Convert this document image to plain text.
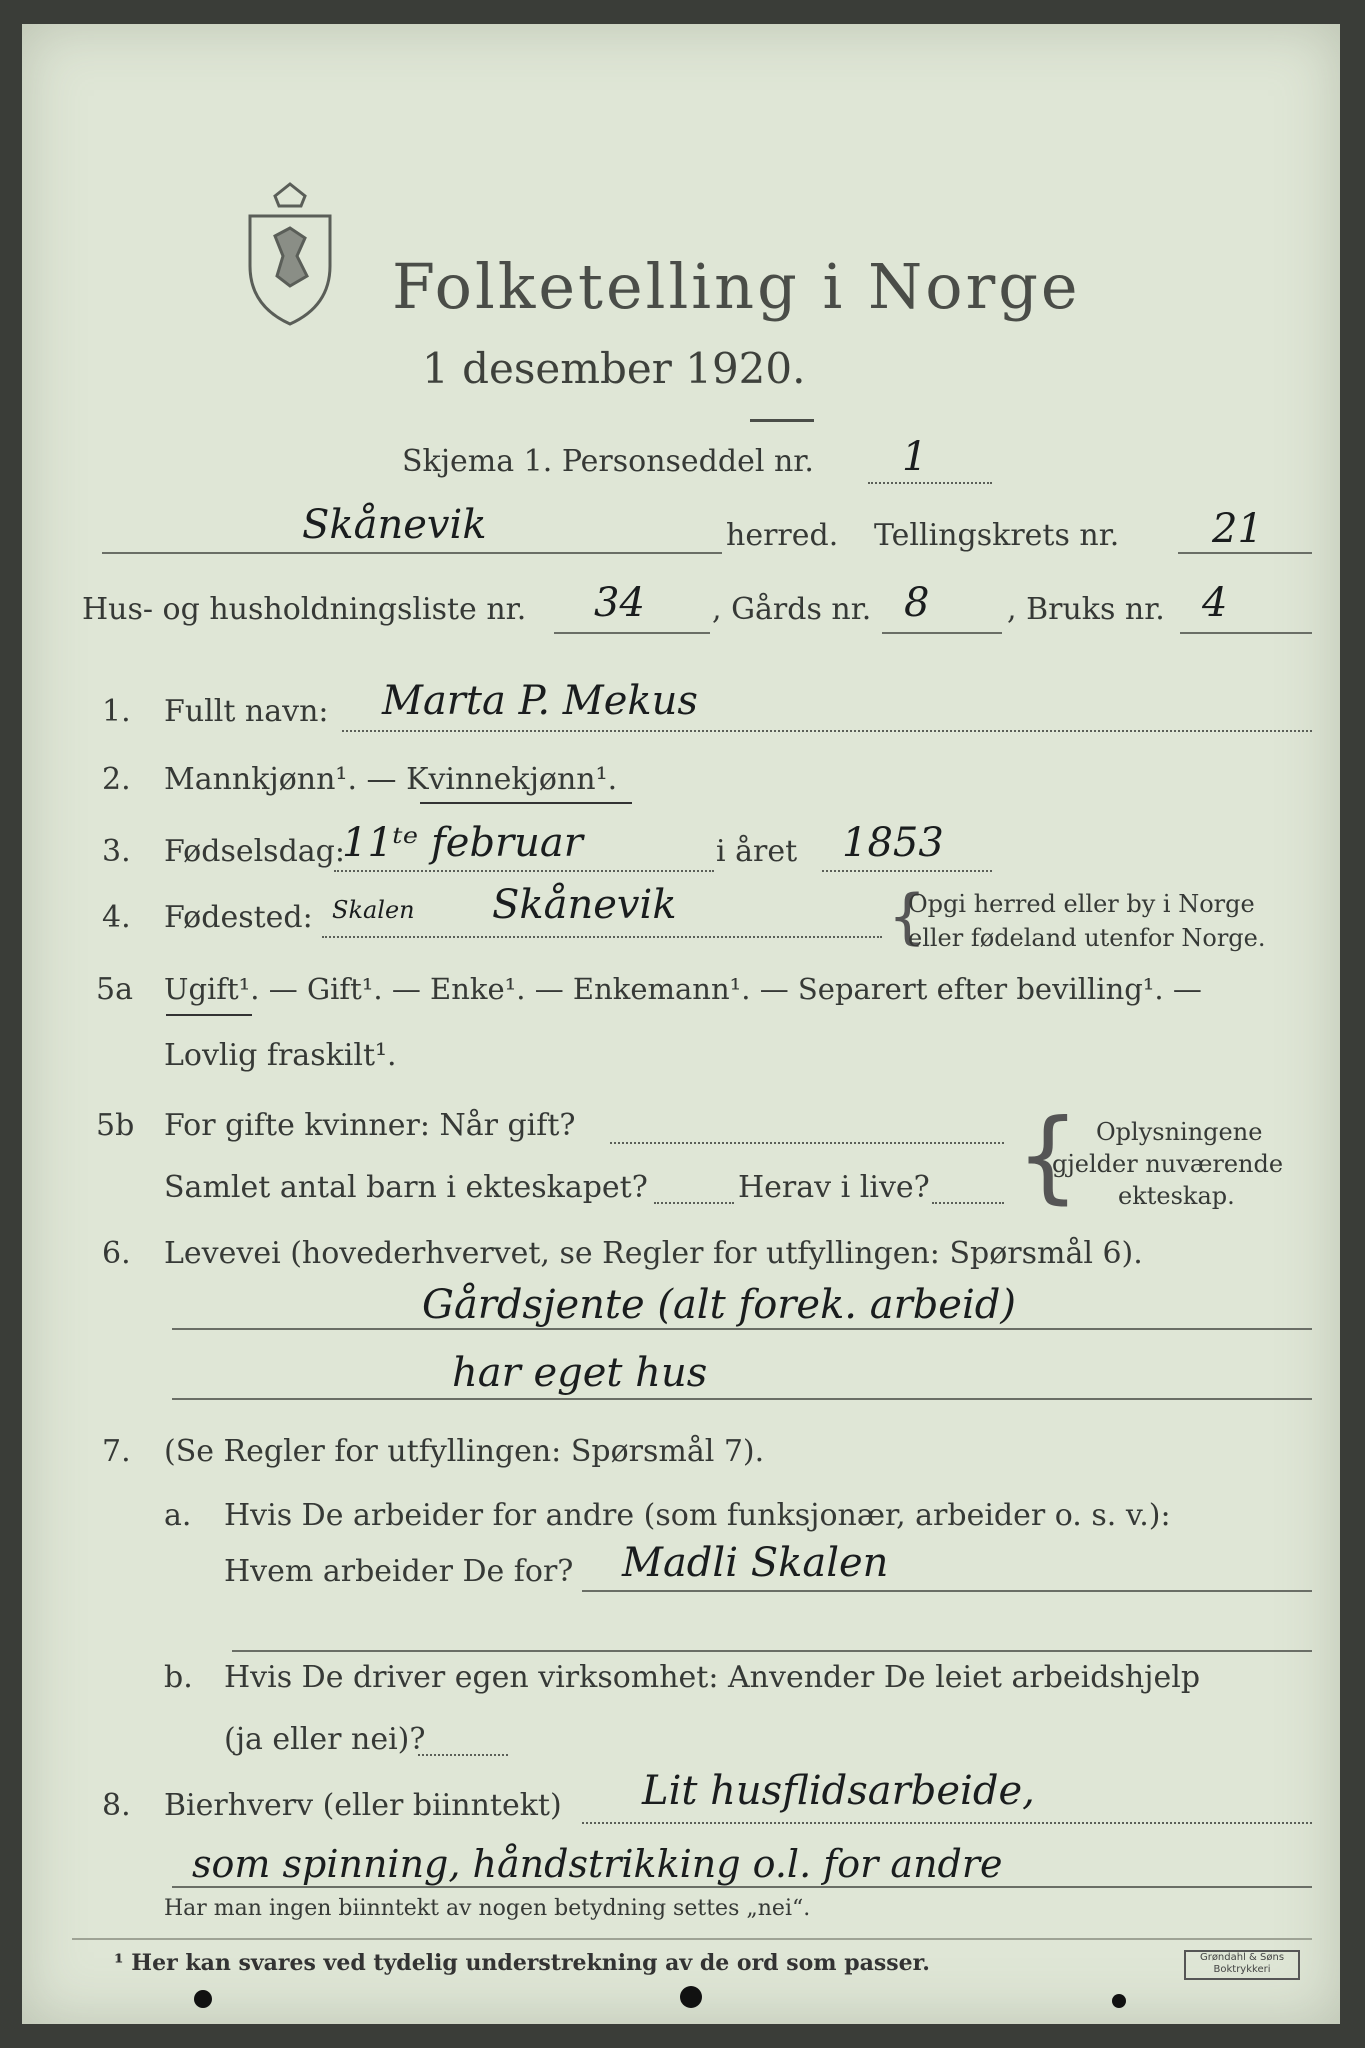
Folketelling i Norge
1 desember 1920.
Skjema 1. Personseddel nr. 1
Skånevik	herred. Tellingskrets nr. 21
Hus- og husholdningsliste nr. 34 , Gårds nr. 8	, Bruks nr. 4
1. Fullt navn: Marta P. Mekus
2. Mannkjønn¹. — Kvinnekjønn¹.
3. Fødselsdag:
11ᵗᵉ februar	i året 1853
4. Fødested: Skalen Skånevik	{
Opgi herred eller by i Norge
eller fødeland utenfor Norge.
5a Ugift¹. — Gift¹. — Enke¹. — Enkemann¹. — Separert efter bevilling¹. —
Lovlig fraskilt¹.
5b For gifte kvinner: Når gift?
Samlet antal barn i ekteskapet?	Herav i live? { Oplysningene
gjelder nuværende
ekteskap.
6. Levevei (hovederhvervet, se Regler for utfyllingen: Spørsmål 6).
Gårdsjente (alt forek. arbeid)
har eget hus
7. (Se Regler for utfyllingen: Spørsmål 7).
a. Hvis De arbeider for andre (som funksjonær, arbeider o. s. v.):
Hvem arbeider De for? Madli Skalen
b. Hvis De driver egen virksomhet: Anvender De leiet arbeidshjelp
(ja eller nei)?
8. Bierhverv (eller biinntekt) Lit husflidsarbeide,
som spinning, håndstrikking o.l. for andre
Har man ingen biinntekt av nogen betydning settes „nei“.
¹ Her kan svares ved tydelig understrekning av de ord som passer.	Grøndahl & Søns Boktrykkeri
